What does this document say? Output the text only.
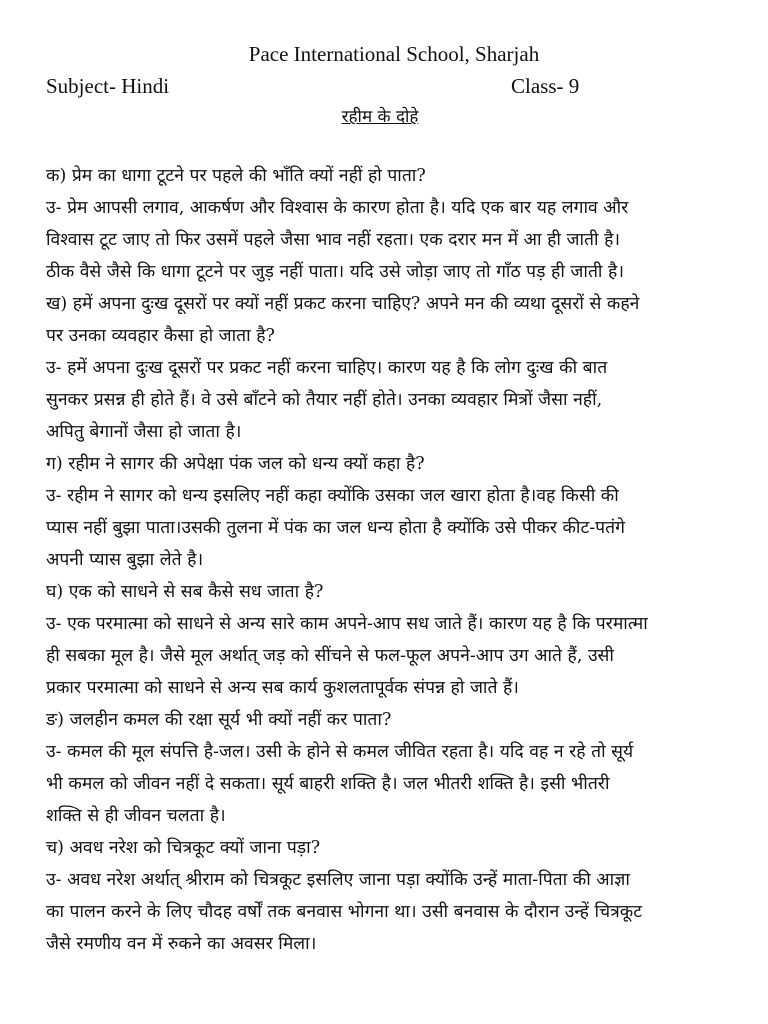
Pace International School, Sharjah
Subject- Hindi	Class- 9
रहीम के दोहे
क) प्रेम का धागा टूटने पर पहले की भाँति क्यों नहीं हो पाता?
उ- प्रेम आपसी लगाव, आकर्षण और विश्वास के कारण होता है। यदि एक बार यह लगाव और
विश्वास टूट जाए तो फिर उसमें पहले जैसा भाव नहीं रहता। एक दरार मन में आ ही जाती है।
ठीक वैसे जैसे कि धागा टूटने पर जुड़ नहीं पाता। यदि उसे जोड़ा जाए तो गाँठ पड़ ही जाती है।
ख) हमें अपना दुःख दूसरों पर क्यों नहीं प्रकट करना चाहिए? अपने मन की व्यथा दूसरों से कहने
पर उनका व्यवहार कैसा हो जाता है?
उ- हमें अपना दुःख दूसरों पर प्रकट नहीं करना चाहिए। कारण यह है कि लोग दुःख की बात
सुनकर प्रसन्न ही होते हैं। वे उसे बाँटने को तैयार नहीं होते। उनका व्यवहार मित्रों जैसा नहीं,
अपितु बेगानों जैसा हो जाता है।
ग) रहीम ने सागर की अपेक्षा पंक जल को धन्य क्यों कहा है?
उ- रहीम ने सागर को धन्य इसलिए नहीं कहा क्योंकि उसका जल खारा होता है।वह किसी की
प्यास नहीं बुझा पाता।उसकी तुलना में पंक का जल धन्य होता है क्योंकि उसे पीकर कीट-पतंगे
अपनी प्यास बुझा लेते है।
घ) एक को साधने से सब कैसे सध जाता है?
उ- एक परमात्मा को साधने से अन्य सारे काम अपने-आप सध जाते हैं। कारण यह है कि परमात्मा
ही सबका मूल है। जैसे मूल अर्थात् जड़ को सींचने से फल-फूल अपने-आप उग आते हैं, उसी
प्रकार परमात्मा को साधने से अन्य सब कार्य कुशलतापूर्वक संपन्न हो जाते हैं।
ङ) जलहीन कमल की रक्षा सूर्य भी क्यों नहीं कर पाता?
उ- कमल की मूल संपत्ति है-जल। उसी के होने से कमल जीवित रहता है। यदि वह न रहे तो सूर्य
भी कमल को जीवन नहीं दे सकता। सूर्य बाहरी शक्ति है। जल भीतरी शक्ति है। इसी भीतरी
शक्ति से ही जीवन चलता है।
च) अवध नरेश को चित्रकूट क्यों जाना पड़ा?
उ- अवध नरेश अर्थात् श्रीराम को चित्रकूट इसलिए जाना पड़ा क्योंकि उन्हें माता-पिता की आज्ञा
का पालन करने के लिए चौदह वर्षों तक बनवास भोगना था। उसी बनवास के दौरान उन्हें चित्रकूट
जैसे रमणीय वन में रुकने का अवसर मिला।
